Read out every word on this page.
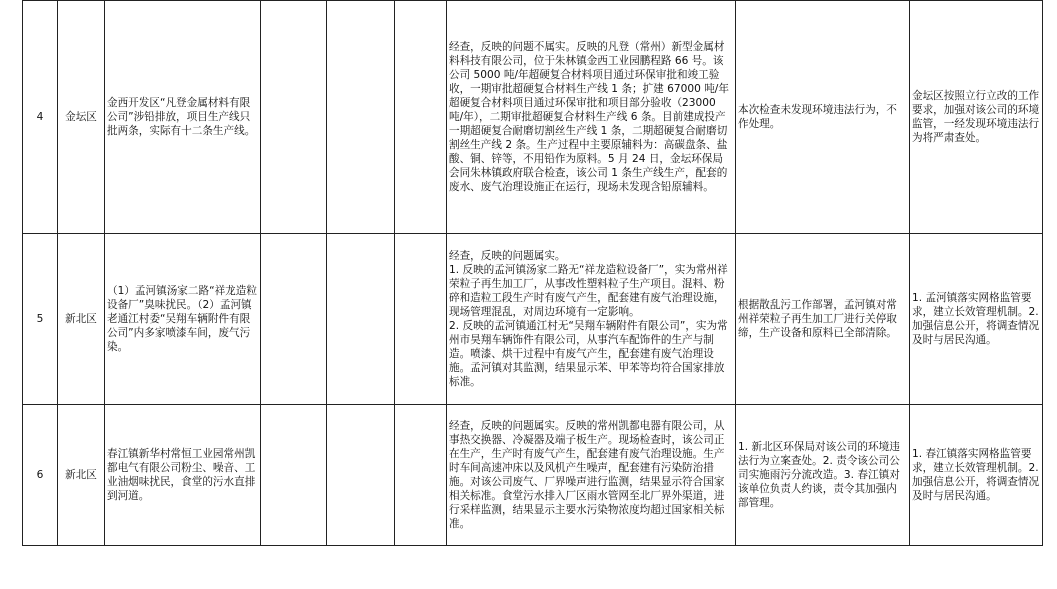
4	金坛区	金西开发区“凡登金属材料有限公司”涉铅排放，项目生产线只批两条，实际有十二条生产线。				经查，反映的问题不属实。反映的凡登（常州）新型金属材料科技有限公司，位于朱林镇金西工业园鹏程路 66 号。该公司 5000 吨/年超硬复合材料项目通过环保审批和竣工验收，一期审批超硬复合材料生产线 1 条；扩建 67000 吨/年超硬复合材料项目通过环保审批和项目部分验收（23000 吨/年），二期审批超硬复合材料生产线 6 条。目前建成投产一期超硬复合耐磨切割丝生产线 1 条，二期超硬复合耐磨切割丝生产线 2 条。生产过程中主要原辅料为：高碳盘条、盐酸、铜、锌等，不用铅作为原料。5 月 24 日，金坛环保局会同朱林镇政府联合检查，该公司 1 条生产线生产，配套的废水、废气治理设施正在运行，现场未发现含铅原辅料。	本次检查未发现环境违法行为，不作处理。	金坛区按照立行立改的工作要求，加强对该公司的环境监管，一经发现环境违法行为将严肃查处。
5	新北区	（1）孟河镇汤家二路“祥龙造粒设备厂”臭味扰民。（2）孟河镇老通江村委“吴翔车辆附件有限公司”内多家喷漆车间，废气污染。				经查，反映的问题属实。
1. 反映的孟河镇汤家二路无“祥龙造粒设备厂”，实为常州祥荣粒子再生加工厂，从事改性塑料粒子生产项目。混料、粉碎和造粒工段生产时有废气产生，配套建有废气治理设施，现场管理混乱，对周边环境有一定影响。
2. 反映的孟河镇通江村无“吴翔车辆附件有限公司”，实为常州市昊翔车辆饰件有限公司，从事汽车配饰件的生产与制造。喷漆、烘干过程中有废气产生，配套建有废气治理设施。孟河镇对其监测，结果显示苯、甲苯等均符合国家排放标准。	根据散乱污工作部署，孟河镇对常州祥荣粒子再生加工厂进行关停取缔，生产设备和原料已全部清除。	1. 孟河镇落实网格监管要求，建立长效管理机制。2. 加强信息公开，将调查情况及时与居民沟通。
6	新北区	春江镇新华村常恒工业园常州凯都电气有限公司粉尘、噪音、工业油烟味扰民，食堂的污水直排到河道。				经查，反映的问题属实。反映的常州凯都电器有限公司，从事热交换器、冷凝器及端子板生产。现场检查时，该公司正在生产，生产时有废气产生，配套建有废气治理设施。生产时车间高速冲床以及风机产生噪声，配套建有污染防治措施。对该公司废气、厂界噪声进行监测，结果显示符合国家相关标准。食堂污水排入厂区雨水管网至北厂界外渠道，进行采样监测，结果显示主要水污染物浓度均超过国家相关标准。	1. 新北区环保局对该公司的环境违法行为立案查处。2. 责令该公司公司实施雨污分流改造。3. 春江镇对该单位负责人约谈，责令其加强内部管理。	1. 春江镇落实网格监管要求，建立长效管理机制。2. 加强信息公开，将调查情况及时与居民沟通。
